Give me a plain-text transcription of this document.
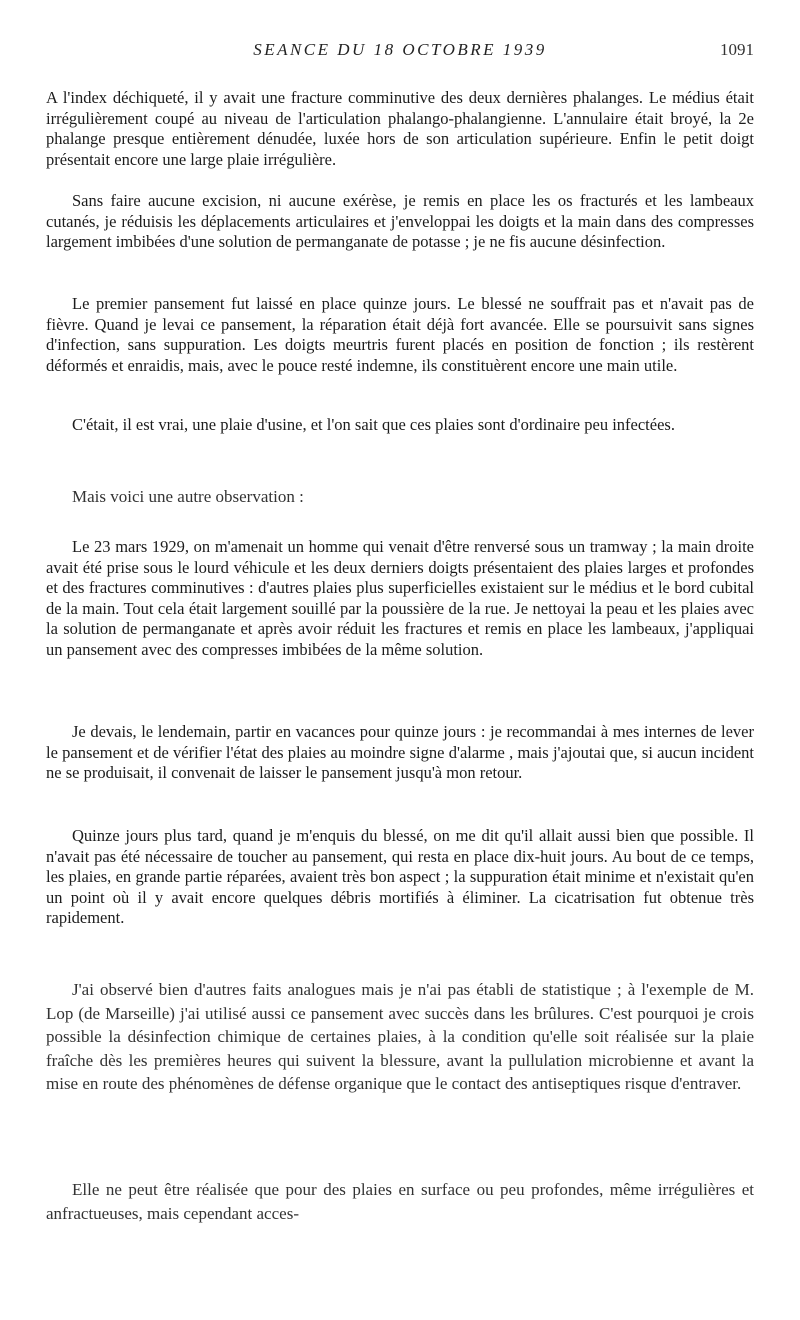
SEANCE DU 18 OCTOBRE 1939	1091

A l'index déchiqueté, il y avait une fracture comminutive des deux dernières phalanges. Le médius était irrégulièrement coupé au niveau de l'articulation phalango-phalangienne. L'annulaire était broyé, la 2e phalange presque entièrement dénudée, luxée hors de son articulation supérieure. Enfin le petit doigt présentait encore une large plaie irrégulière.

Sans faire aucune excision, ni aucune exérèse, je remis en place les os fracturés et les lambeaux cutanés, je réduisis les déplacements articulaires et j'enveloppai les doigts et la main dans des compresses largement imbibées d'une solution de permanganate de potasse ; je ne fis aucune désinfection.

Le premier pansement fut laissé en place quinze jours. Le blessé ne souffrait pas et n'avait pas de fièvre. Quand je levai ce pansement, la réparation était déjà fort avancée. Elle se poursuivit sans signes d'infection, sans suppuration. Les doigts meurtris furent placés en position de fonction ; ils restèrent déformés et enraidis, mais, avec le pouce resté indemne, ils constituèrent encore une main utile.

C'était, il est vrai, une plaie d'usine, et l'on sait que ces plaies sont d'ordinaire peu infectées.

Mais voici une autre observation :

Le 23 mars 1929, on m'amenait un homme qui venait d'être renversé sous un tramway ; la main droite avait été prise sous le lourd véhicule et les deux derniers doigts présentaient des plaies larges et profondes et des fractures comminutives : d'autres plaies plus superficielles existaient sur le médius et le bord cubital de la main. Tout cela était largement souillé par la poussière de la rue. Je nettoyai la peau et les plaies avec la solution de permanganate et après avoir réduit les fractures et remis en place les lambeaux, j'appliquai un pansement avec des compresses imbibées de la même solution.

Je devais, le lendemain, partir en vacances pour quinze jours : je recommandai à mes internes de lever le pansement et de vérifier l'état des plaies au moindre signe d'alarme , mais j'ajoutai que, si aucun incident ne se produisait, il convenait de laisser le pansement jusqu'à mon retour.

Quinze jours plus tard, quand je m'enquis du blessé, on me dit qu'il allait aussi bien que possible. Il n'avait pas été nécessaire de toucher au pansement, qui resta en place dix-huit jours. Au bout de ce temps, les plaies, en grande partie réparées, avaient très bon aspect ; la suppuration était minime et n'existait qu'en un point où il y avait encore quelques débris mortifiés à éliminer. La cicatrisation fut obtenue très rapidement.

J'ai observé bien d'autres faits analogues mais je n'ai pas établi de statistique ; à l'exemple de M. Lop (de Marseille) j'ai utilisé aussi ce pansement avec succès dans les brûlures. C'est pourquoi je crois possible la désinfection chimique de certaines plaies, à la condition qu'elle soit réalisée sur la plaie fraîche dès les premières heures qui suivent la blessure, avant la pullulation microbienne et avant la mise en route des phénomènes de défense organique que le contact des antiseptiques risque d'entraver.

Elle ne peut être réalisée que pour des plaies en surface ou peu profondes, même irrégulières et anfractueuses, mais cependant acces-
